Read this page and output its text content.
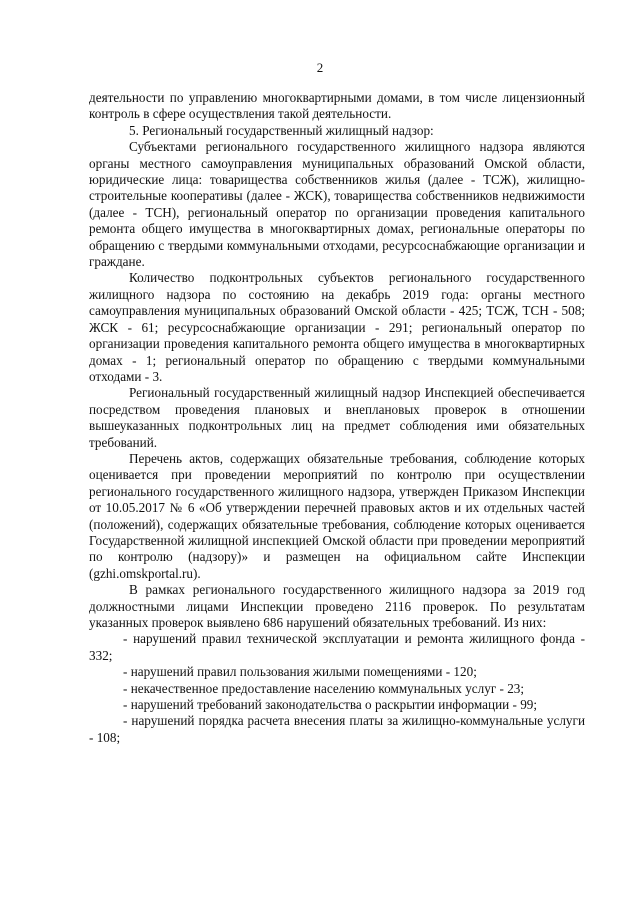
2

деятельности по управлению многоквартирными домами, в том числе лицензионный контроль в сфере осуществления такой деятельности.

5. Региональный государственный жилищный надзор:

Субъектами регионального государственного жилищного надзора являются органы местного самоуправления муниципальных образований Омской области, юридические лица: товарищества собственников жилья (далее - ТСЖ), жилищно-строительные кооперативы (далее - ЖСК), товарищества собственников недвижимости (далее - ТСН), региональный оператор по организации проведения капитального ремонта общего имущества в многоквартирных домах, региональные операторы по обращению с твердыми коммунальными отходами, ресурсоснабжающие организации и граждане.

Количество подконтрольных субъектов регионального государственного жилищного надзора по состоянию на декабрь 2019 года: органы местного самоуправления муниципальных образований Омской области - 425; ТСЖ, ТСН - 508; ЖСК - 61; ресурсоснабжающие организации - 291; региональный оператор по организации проведения капитального ремонта общего имущества в многоквартирных домах - 1; региональный оператор по обращению с твердыми коммунальными отходами - 3.

Региональный государственный жилищный надзор Инспекцией обеспечивается посредством проведения плановых и внеплановых проверок в отношении вышеуказанных подконтрольных лиц на предмет соблюдения ими обязательных требований.

Перечень актов, содержащих обязательные требования, соблюдение которых оценивается при проведении мероприятий по контролю при осуществлении регионального государственного жилищного надзора, утвержден Приказом Инспекции от 10.05.2017 № 6 «Об утверждении перечней правовых актов и их отдельных частей (положений), содержащих обязательные требования, соблюдение которых оценивается Государственной жилищной инспекцией Омской области при проведении мероприятий по контролю (надзору)» и размещен на официальном сайте Инспекции (gzhi.omskportal.ru).

В рамках регионального государственного жилищного надзора за 2019 год должностными лицами Инспекции проведено 2116 проверок. По результатам указанных проверок выявлено 686 нарушений обязательных требований. Из них:

- нарушений правил технической эксплуатации и ремонта жилищного фонда - 332;

- нарушений правил пользования жилыми помещениями - 120;

- некачественное предоставление населению коммунальных услуг - 23;

- нарушений требований законодательства о раскрытии информации - 99;

- нарушений порядка расчета внесения платы за жилищно-коммунальные услуги - 108;
